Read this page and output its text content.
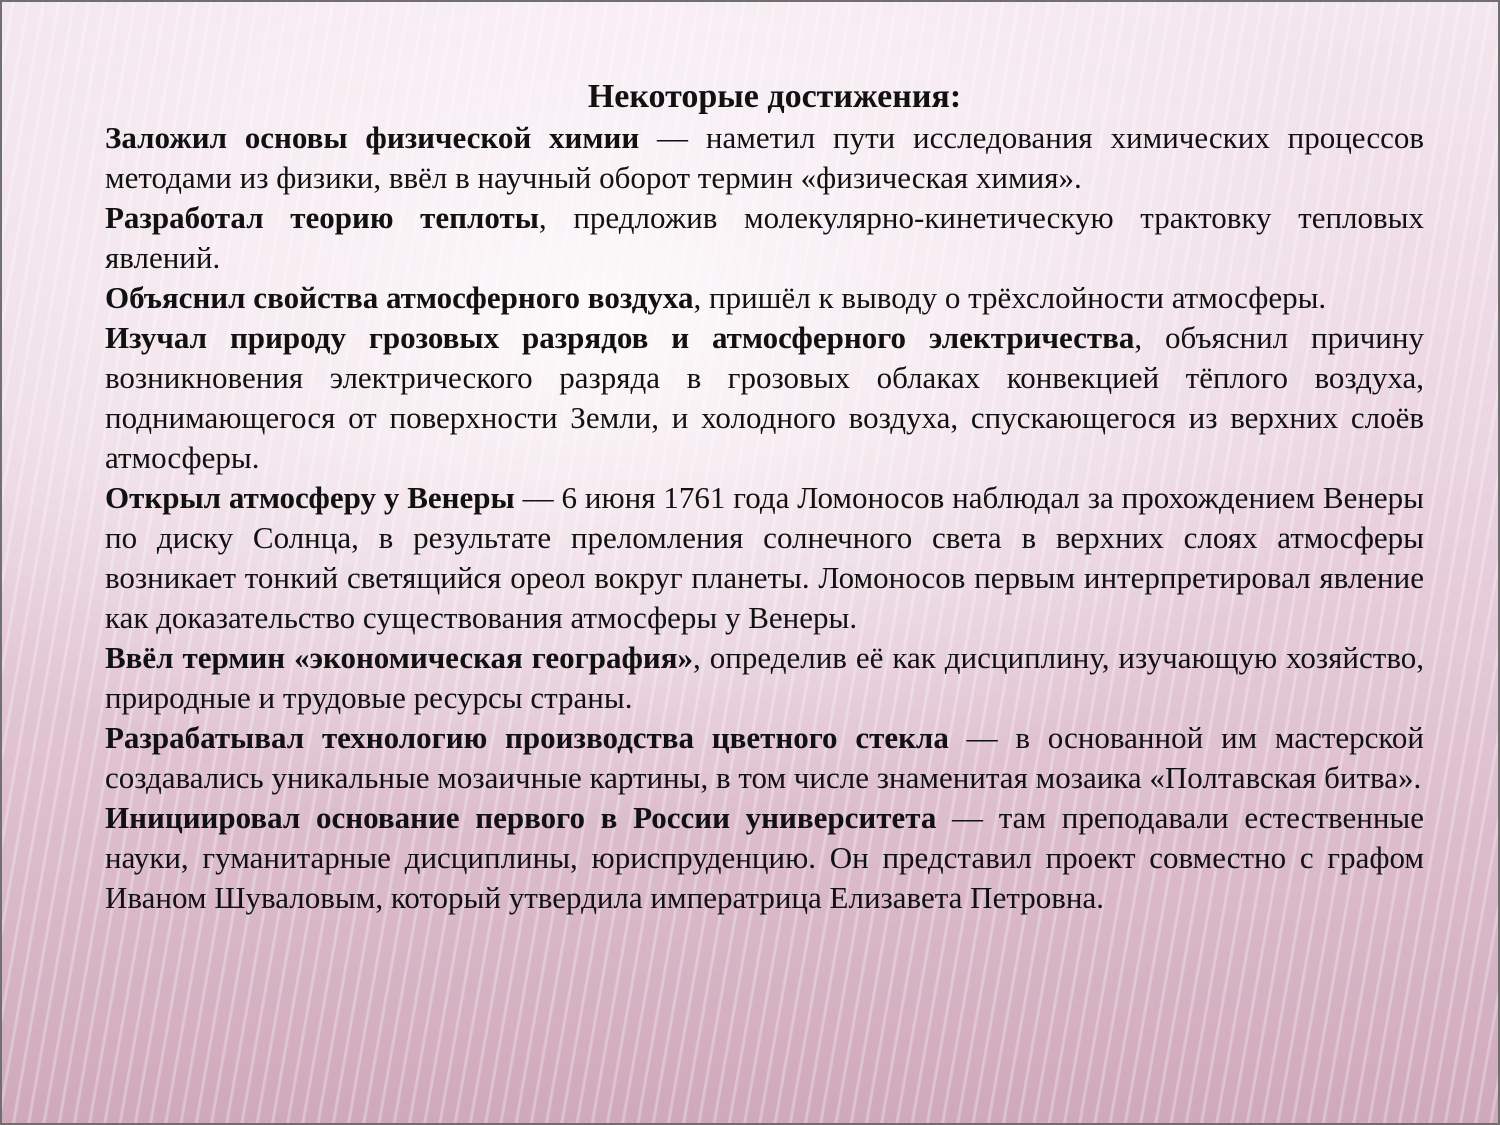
Некоторые достижения:

Заложил основы физической химии — наметил пути исследования химических процессов методами из физики, ввёл в научный оборот термин «физическая химия».

Разработал теорию теплоты, предложив молекулярно-кинетическую трактовку тепловых явлений.

Объяснил свойства атмосферного воздуха, пришёл к выводу о трёхслойности атмосферы.

Изучал природу грозовых разрядов и атмосферного электричества, объяснил причину возникновения электрического разряда в грозовых облаках конвекцией тёплого воздуха, поднимающегося от поверхности Земли, и холодного воздуха, спускающегося из верхних слоёв атмосферы.

Открыл атмосферу у Венеры — 6 июня 1761 года Ломоносов наблюдал за прохождением Венеры по диску Солнца, в результате преломления солнечного света в верхних слоях атмосферы возникает тонкий светящийся ореол вокруг планеты. Ломоносов первым интерпретировал явление как доказательство существования атмосферы у Венеры.

Ввёл термин «экономическая география», определив её как дисциплину, изучающую хозяйство, природные и трудовые ресурсы страны.

Разрабатывал технологию производства цветного стекла — в основанной им мастерской создавались уникальные мозаичные картины, в том числе знаменитая мозаика «Полтавская битва».

Инициировал основание первого в России университета — там преподавали естественные науки, гуманитарные дисциплины, юриспруденцию. Он представил проект совместно с графом Иваном Шуваловым, который утвердила императрица Елизавета Петровна.
